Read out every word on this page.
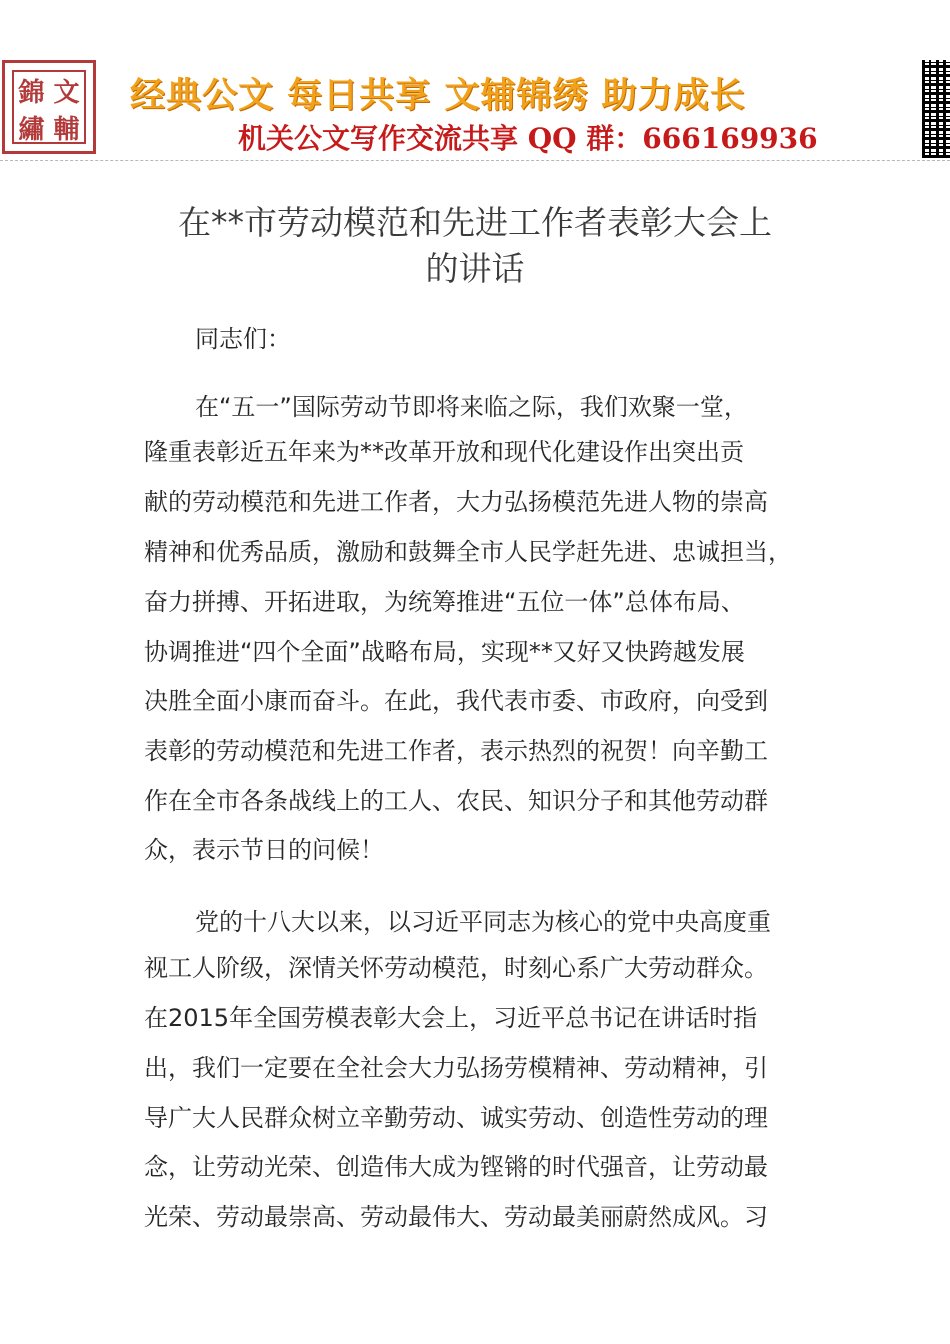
錦 文
繡 輔
经典公文 每日共享 文辅锦绣 助力成长
机关公文写作交流共享 QQ 群：666169936
在**市劳动模范和先进工作者表彰大会上
的讲话
同志们：
在“五一”国际劳动节即将来临之际，我们欢聚一堂，
隆重表彰近五年来为**改革开放和现代化建设作出突出贡
献的劳动模范和先进工作者，大力弘扬模范先进人物的崇高
精神和优秀品质，激励和鼓舞全市人民学赶先进、忠诚担当，
奋力拼搏、开拓进取，为统筹推进“五位一体”总体布局、
协调推进“四个全面”战略布局，实现**又好又快跨越发展
决胜全面小康而奋斗。在此，我代表市委、市政府，向受到
表彰的劳动模范和先进工作者，表示热烈的祝贺！向辛勤工
作在全市各条战线上的工人、农民、知识分子和其他劳动群
众，表示节日的问候！
党的十八大以来，以习近平同志为核心的党中央高度重
视工人阶级，深情关怀劳动模范，时刻心系广大劳动群众。
在2015年全国劳模表彰大会上，习近平总书记在讲话时指
出，我们一定要在全社会大力弘扬劳模精神、劳动精神，引
导广大人民群众树立辛勤劳动、诚实劳动、创造性劳动的理
念，让劳动光荣、创造伟大成为铿锵的时代强音，让劳动最
光荣、劳动最崇高、劳动最伟大、劳动最美丽蔚然成风。习
